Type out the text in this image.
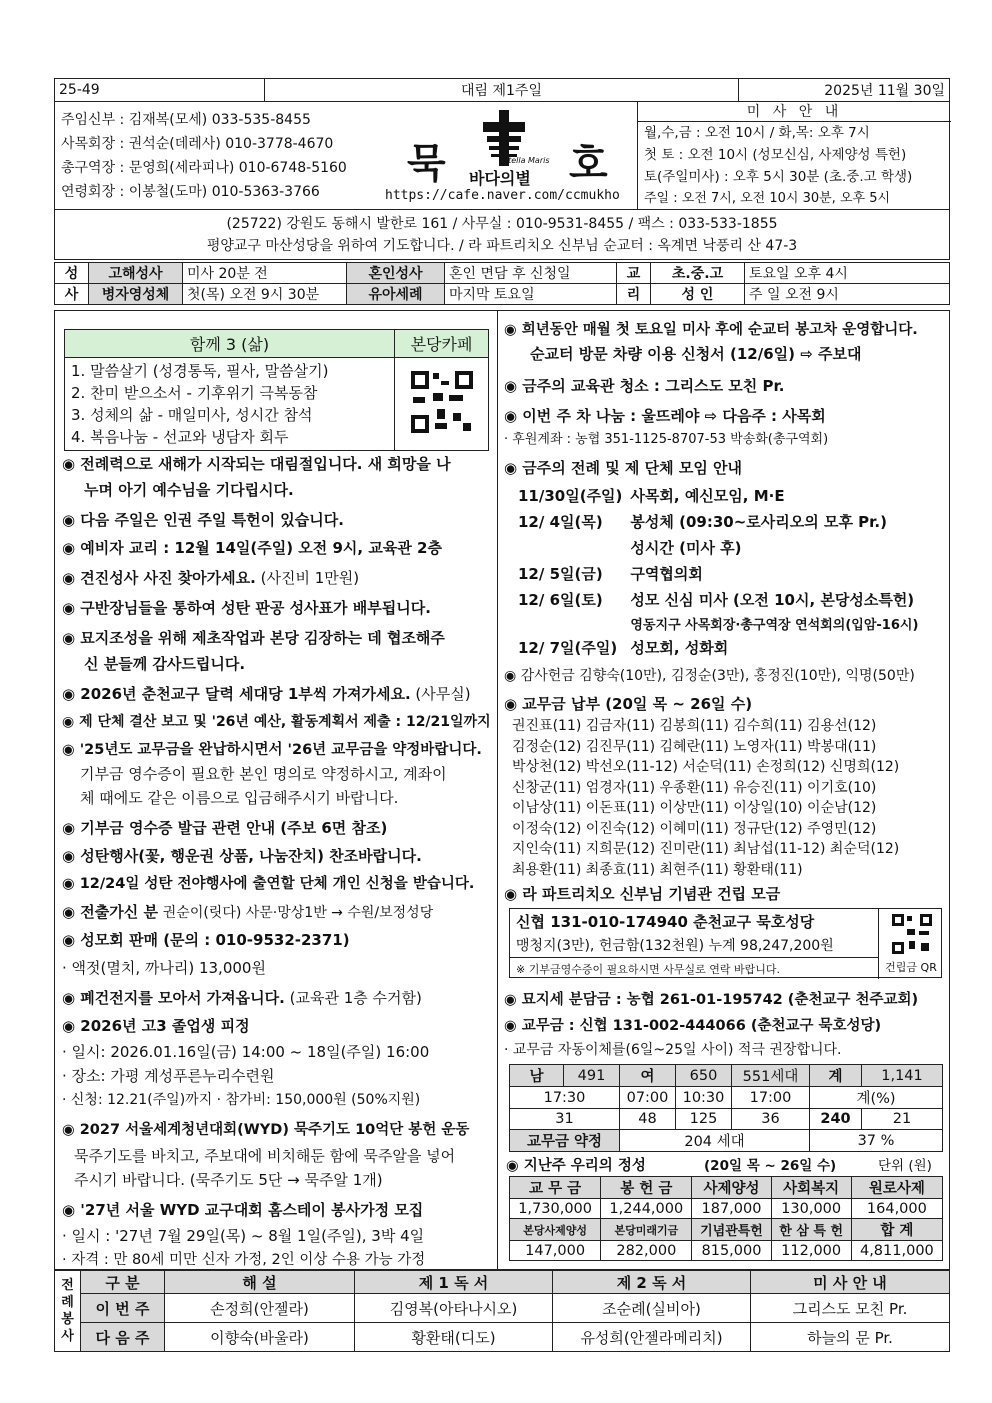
25-49	대림 제1주일	2025년 11월 30일
주임신부 : 김재복(모세) 033-535-8455
사목회장 : 권석순(데레사) 010-3778-4670
총구역장 : 문영희(세라피나) 010-6748-5160
연령회장 : 이봉철(도마) 010-5363-3766
묵	호
바다의별
Stella Maris
https://cafe.naver.com/ccmukho
미 사 안 내
월,수,금 : 오전 10시 / 화,목: 오후 7시
첫 토 : 오전 10시 (성모신심, 사제양성 특헌)
토(주일미사) : 오후 5시 30분 (초.중.고 학생)
주일 : 오전 7시, 오전 10시 30분, 오후 5시
(25722) 강원도 동해시 발한로 161 / 사무실 : 010-9531-8455 / 팩스 : 033-533-1855
평양교구 마산성당을 위하여 기도합니다. / 라 파트리치오 신부님 순교터 : 옥계면 낙풍리 산 47-3
성	고해성사	미사 20분 전	혼인성사	혼인 면담 후 신청일	교	초.중.고	토요일 오후 4시
사	병자영성체	첫(목) 오전 9시 30분	유아세례	마지막 토요일	리	성 인	주 일 오전 9시
함께 3 (삶)	본당카페

1. 말씀살기 (성경통독, 필사, 말씀살기)
2. 찬미 받으소서 - 기후위기 극복동참
3. 성체의 삶 - 매일미사, 성시간 참석
4. 복음나눔 - 선교와 냉담자 회두

◉ 전례력으로 새해가 시작되는 대림절입니다. 새 희망을 나
누며 아기 예수님을 기다립시다.
◉ 다음 주일은 인권 주일 특헌이 있습니다.
◉ 예비자 교리 : 12월 14일(주일) 오전 9시, 교육관 2층
◉ 견진성사 사진 찾아가세요. (사진비 1만원)
◉ 구반장님들을 통하여 성탄 판공 성사표가 배부됩니다.
◉ 묘지조성을 위해 제초작업과 본당 김장하는 데 협조해주
신 분들께 감사드립니다.
◉ 2026년 춘천교구 달력 세대당 1부씩 가져가세요. (사무실)
◉ 제 단체 결산 보고 및 '26년 예산, 활동계획서 제출 : 12/21일까지
◉ '25년도 교무금을 완납하시면서 '26년 교무금을 약정바랍니다.
기부금 영수증이 필요한 본인 명의로 약정하시고, 계좌이
체 때에도 같은 이름으로 입금해주시기 바랍니다.
◉ 기부금 영수증 발급 관련 안내 (주보 6면 참조)
◉ 성탄행사(꽃, 행운권 상품, 나눔잔치) 찬조바랍니다.
◉ 12/24일 성탄 전야행사에 출연할 단체 개인 신청을 받습니다.
◉ 전출가신 분 권순이(릿다) 사문·망상1반 → 수원/보정성당
◉ 성모회 판매 (문의 : 010-9532-2371)
· 액젓(멸치, 까나리) 13,000원
◉ 폐건전지를 모아서 가져옵니다. (교육관 1층 수거함)
◉ 2026년 고3 졸업생 피정
· 일시: 2026.01.16일(금) 14:00 ~ 18일(주일) 16:00
· 장소: 가평 계성푸른누리수련원
· 신청: 12.21(주일)까지 · 참가비: 150,000원 (50%지원)
◉ 2027 서울세계청년대회(WYD) 묵주기도 10억단 봉헌 운동
묵주기도를 바치고, 주보대에 비치해둔 함에 묵주알을 넣어
주시기 바랍니다. (묵주기도 5단 → 묵주알 1개)
◉ '27년 서울 WYD 교구대회 홈스테이 봉사가정 모집
· 일시 : '27년 7월 29일(목) ~ 8월 1일(주일), 3박 4일
· 자격 : 만 80세 미만 신자 가정, 2인 이상 수용 가능 가정
◉ 희년동안 매월 첫 토요일 미사 후에 순교터 봉고차 운영합니다.
순교터 방문 차량 이용 신청서 (12/6일) ⇨ 주보대
◉ 금주의 교육관 청소 : 그리스도 모친 Pr.
◉ 이번 주 차 나눔 : 울뜨레야 ⇨ 다음주 : 사목회
· 후원계좌 : 농협 351-1125-8707-53 박송화(총구역회)
◉ 금주의 전례 및 제 단체 모임 안내
11/30일(주일)	사목회, 예신모임, M·E
12/ 4일(목)	봉성체 (09:30~로사리오의 모후 Pr.)
	성시간 (미사 후)
12/ 5일(금)	구역협의회
12/ 6일(토)	성모 신심 미사 (오전 10시, 본당성소특헌)
	영동지구 사목회장·총구역장 연석회의(입암-16시)
12/ 7일(주일)	성모회, 성화회
◉ 감사헌금 김향숙(10만), 김정순(3만), 홍정진(10만), 익명(50만)
◉ 교무금 납부 (20일 목 ~ 26일 수)
권진표(11) 김금자(11) 김봉희(11) 김수희(11) 김용선(12)
김정순(12) 김진무(11) 김혜란(11) 노영자(11) 박봉대(11)
박상천(12) 박선오(11-12) 서순덕(11) 손정희(12) 신명희(12)
신창군(11) 엄경자(11) 우종환(11) 유승진(11) 이기호(10)
이남상(11) 이돈표(11) 이상만(11) 이상일(10) 이순남(12)
이정숙(12) 이진숙(12) 이혜미(11) 정규단(12) 주영민(12)
지인숙(11) 지희문(12) 진미란(11) 최남섭(11-12) 최순덕(12)
최용환(11) 최종효(11) 최현주(11) 황환태(11)
◉ 라 파트리치오 신부님 기념관 건립 모금
신협 131-010-174940 춘천교구 묵호성당
맹청지(3만), 헌금함(132천원) 누계 98,247,200원
※ 기부금영수증이 필요하시면 사무실로 연락 바랍니다.	건립금 QR
◉ 묘지세 분담금 : 농협 261-01-195742 (춘천교구 천주교회)
◉ 교무금 : 신협 131-002-444066 (춘천교구 묵호성당)
· 교무금 자동이체를(6일~25일 사이) 적극 권장합니다.
남	491	여	650	551세대	계	1,141
17:30		07:00	10:30	17:00	계(%)	
31		48	125	36	240	21
교무금 약정		204 세대			37 %	
◉ 지난주 우리의 정성	(20일 목 ~ 26일 수)	단위 (원)
교 무 금	봉 헌 금	사제양성	사회복지	원로사제
1,730,000	1,244,000	187,000	130,000	164,000
본당사제양성	본당미래기금	기념관특헌	한 삼 특 헌	합 계
147,000	282,000	815,000	112,000	4,811,000
전
례
봉
사	구 분	해 설	제 1 독 서	제 2 독 서	미 사 안 내
	이 번 주	손정희(안젤라)	김영복(아타나시오)	조순례(실비아)	그리스도 모친 Pr.
	다 음 주	이향숙(바울라)	황환태(디도)	유성희(안젤라메리치)	하늘의 문 Pr.
